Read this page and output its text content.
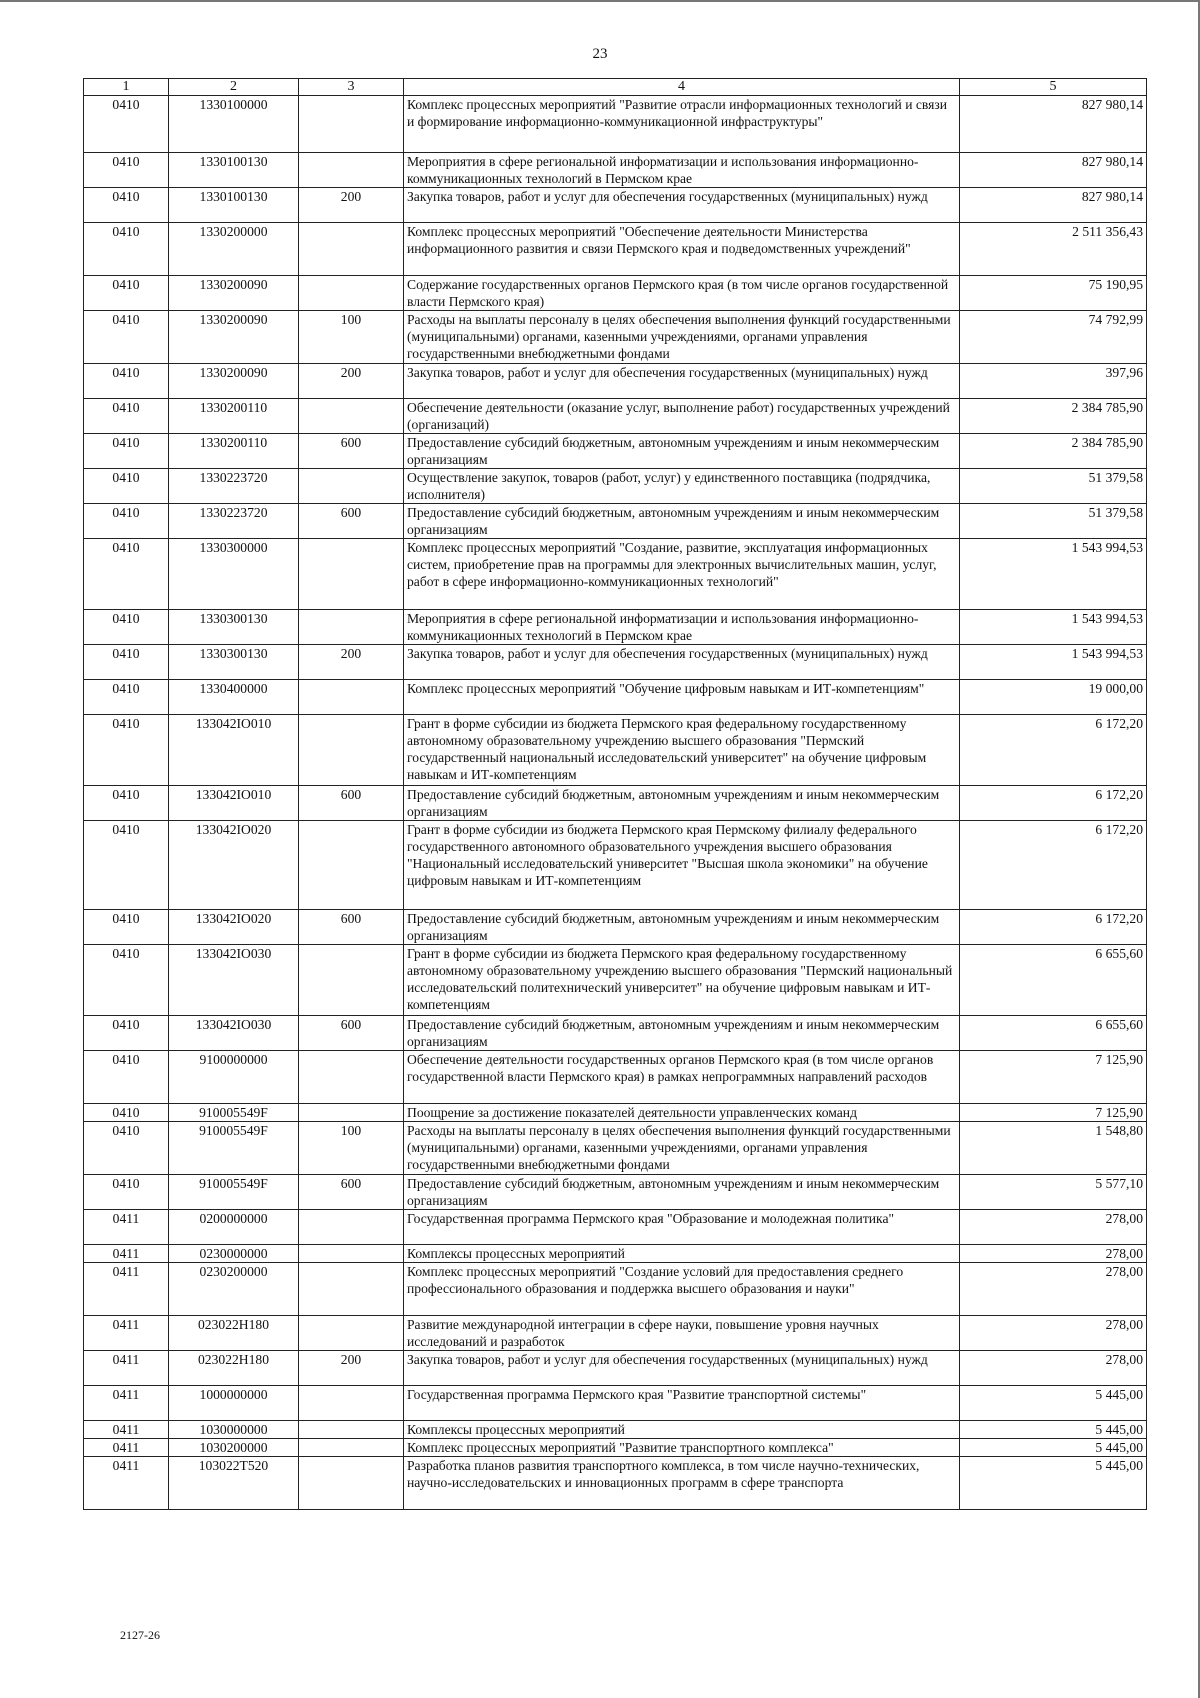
23
1	2	3	4	5
0410	1330100000		Комплекс процессных мероприятий "Развитие отрасли информационных технологий и связи и формирование информационно-коммуникационной инфраструктуры"	827 980,14
0410	1330100130		Мероприятия в сфере региональной информатизации и использования информационно-коммуникационных технологий в Пермском крае	827 980,14
0410	1330100130	200	Закупка товаров, работ и услуг для обеспечения государственных (муниципальных) нужд	827 980,14
0410	1330200000		Комплекс процессных мероприятий "Обеспечение деятельности Министерства информационного развития и связи Пермского края и подведомственных учреждений"	2 511 356,43
0410	1330200090		Содержание государственных органов Пермского края (в том числе органов государственной власти Пермского края)	75 190,95
0410	1330200090	100	Расходы на выплаты персоналу в целях обеспечения выполнения функций государственными (муниципальными) органами, казенными учреждениями, органами управления государственными внебюджетными фондами	74 792,99
0410	1330200090	200	Закупка товаров, работ и услуг для обеспечения государственных (муниципальных) нужд	397,96
0410	1330200110		Обеспечение деятельности (оказание услуг, выполнение работ) государственных учреждений (организаций)	2 384 785,90
0410	1330200110	600	Предоставление субсидий бюджетным, автономным учреждениям и иным некоммерческим организациям	2 384 785,90
0410	1330223720		Осуществление закупок, товаров (работ, услуг) у единственного поставщика (подрядчика, исполнителя)	51 379,58
0410	1330223720	600	Предоставление субсидий бюджетным, автономным учреждениям и иным некоммерческим организациям	51 379,58
0410	1330300000		Комплекс процессных мероприятий "Создание, развитие, эксплуатация информационных систем, приобретение прав на программы для электронных вычислительных машин, услуг, работ в сфере информационно-коммуникационных технологий"	1 543 994,53
0410	1330300130		Мероприятия в сфере региональной информатизации и использования информационно-коммуникационных технологий в Пермском крае	1 543 994,53
0410	1330300130	200	Закупка товаров, работ и услуг для обеспечения государственных (муниципальных) нужд	1 543 994,53
0410	1330400000		Комплекс процессных мероприятий "Обучение цифровым навыкам и ИТ-компетенциям"	19 000,00
0410	133042IO010		Грант в форме субсидии из бюджета Пермского края федеральному государственному автономному образовательному учреждению высшего образования "Пермский государственный национальный исследовательский университет" на обучение цифровым навыкам и ИТ-компетенциям	6 172,20
0410	133042IO010	600	Предоставление субсидий бюджетным, автономным учреждениям и иным некоммерческим организациям	6 172,20
0410	133042IO020		Грант в форме субсидии из бюджета Пермского края Пермскому филиалу федерального государственного автономного образовательного учреждения высшего образования "Национальный исследовательский университет "Высшая школа экономики" на обучение цифровым навыкам и ИТ-компетенциям	6 172,20
0410	133042IO020	600	Предоставление субсидий бюджетным, автономным учреждениям и иным некоммерческим организациям	6 172,20
0410	133042IO030		Грант в форме субсидии из бюджета Пермского края федеральному государственному автономному образовательному учреждению высшего образования "Пермский национальный исследовательский политехнический университет" на обучение цифровым навыкам и ИТ-компетенциям	6 655,60
0410	133042IO030	600	Предоставление субсидий бюджетным, автономным учреждениям и иным некоммерческим организациям	6 655,60
0410	9100000000		Обеспечение деятельности государственных органов Пермского края (в том числе органов государственной власти Пермского края) в рамках непрограммных направлений расходов	7 125,90
0410	910005549F		Поощрение за достижение показателей деятельности управленческих команд	7 125,90
0410	910005549F	100	Расходы на выплаты персоналу в целях обеспечения выполнения функций государственными (муниципальными) органами, казенными учреждениями, органами управления государственными внебюджетными фондами	1 548,80
0410	910005549F	600	Предоставление субсидий бюджетным, автономным учреждениям и иным некоммерческим организациям	5 577,10
0411	0200000000		Государственная программа Пермского края "Образование и молодежная политика"	278,00
0411	0230000000		Комплексы процессных мероприятий	278,00
0411	0230200000		Комплекс процессных мероприятий "Создание условий для предоставления среднего профессионального образования и поддержка высшего образования и науки"	278,00
0411	023022H180		Развитие международной интеграции в сфере науки, повышение уровня научных исследований и разработок	278,00
0411	023022H180	200	Закупка товаров, работ и услуг для обеспечения государственных (муниципальных) нужд	278,00
0411	1000000000		Государственная программа Пермского края "Развитие транспортной системы"	5 445,00
0411	1030000000		Комплексы процессных мероприятий	5 445,00
0411	1030200000		Комплекс процессных мероприятий "Развитие транспортного комплекса"	5 445,00
0411	103022T520		Разработка планов развития транспортного комплекса, в том числе научно-технических, научно-исследовательских и инновационных программ в сфере транспорта	5 445,00
2127-26
